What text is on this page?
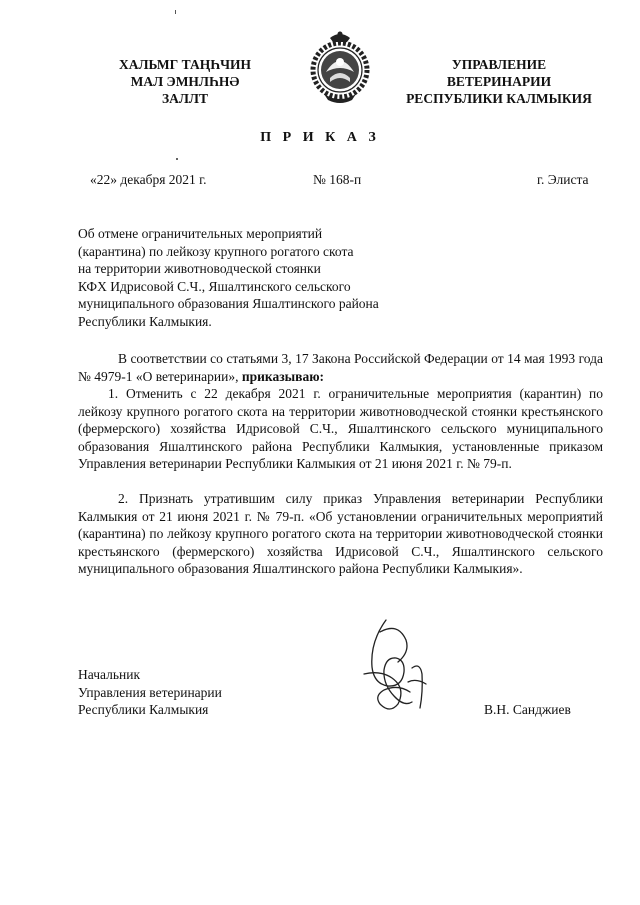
ХАЛЬМГ ТАҢҺЧИН
МАЛ ЭМНЛҺНӘ
ЗАЛЛТ
УПРАВЛЕНИЕ
ВЕТЕРИНАРИИ
РЕСПУБЛИКИ КАЛМЫКИЯ
П Р И К А З
«22» декабря 2021 г.	№ 168-п	г. Элиста
Об отмене ограничительных мероприятий
(карантина) по лейкозу крупного рогатого скота
на территории животноводческой стоянки
КФХ Идрисовой С.Ч., Яшалтинского сельского
муниципального образования Яшалтинского района
Республики Калмыкия.
В соответствии со статьями 3, 17 Закона Российской Федерации от 14 мая 1993 года № 4979-1 «О ветеринарии», приказываю:
1. Отменить с 22 декабря 2021 г. ограничительные мероприятия (карантин) по лейкозу крупного рогатого скота на территории животноводческой стоянки крестьянского (фермерского) хозяйства Идрисовой С.Ч., Яшалтинского сельского муниципального образования Яшалтинского района Республики Калмыкия, установленные приказом Управления ветеринарии Республики Калмыкия от 21 июня 2021 г. № 79-п.
2. Признать утратившим силу приказ Управления ветеринарии Республики Калмыкия от 21 июня 2021 г. № 79-п. «Об установлении ограничительных мероприятий (карантина) по лейкозу крупного рогатого скота на территории животноводческой стоянки крестьянского (фермерского) хозяйства Идрисовой С.Ч., Яшалтинского сельского муниципального образования Яшалтинского района Республики Калмыкия».
Начальник
Управления ветеринарии
Республики Калмыкия	В.Н. Санджиев
